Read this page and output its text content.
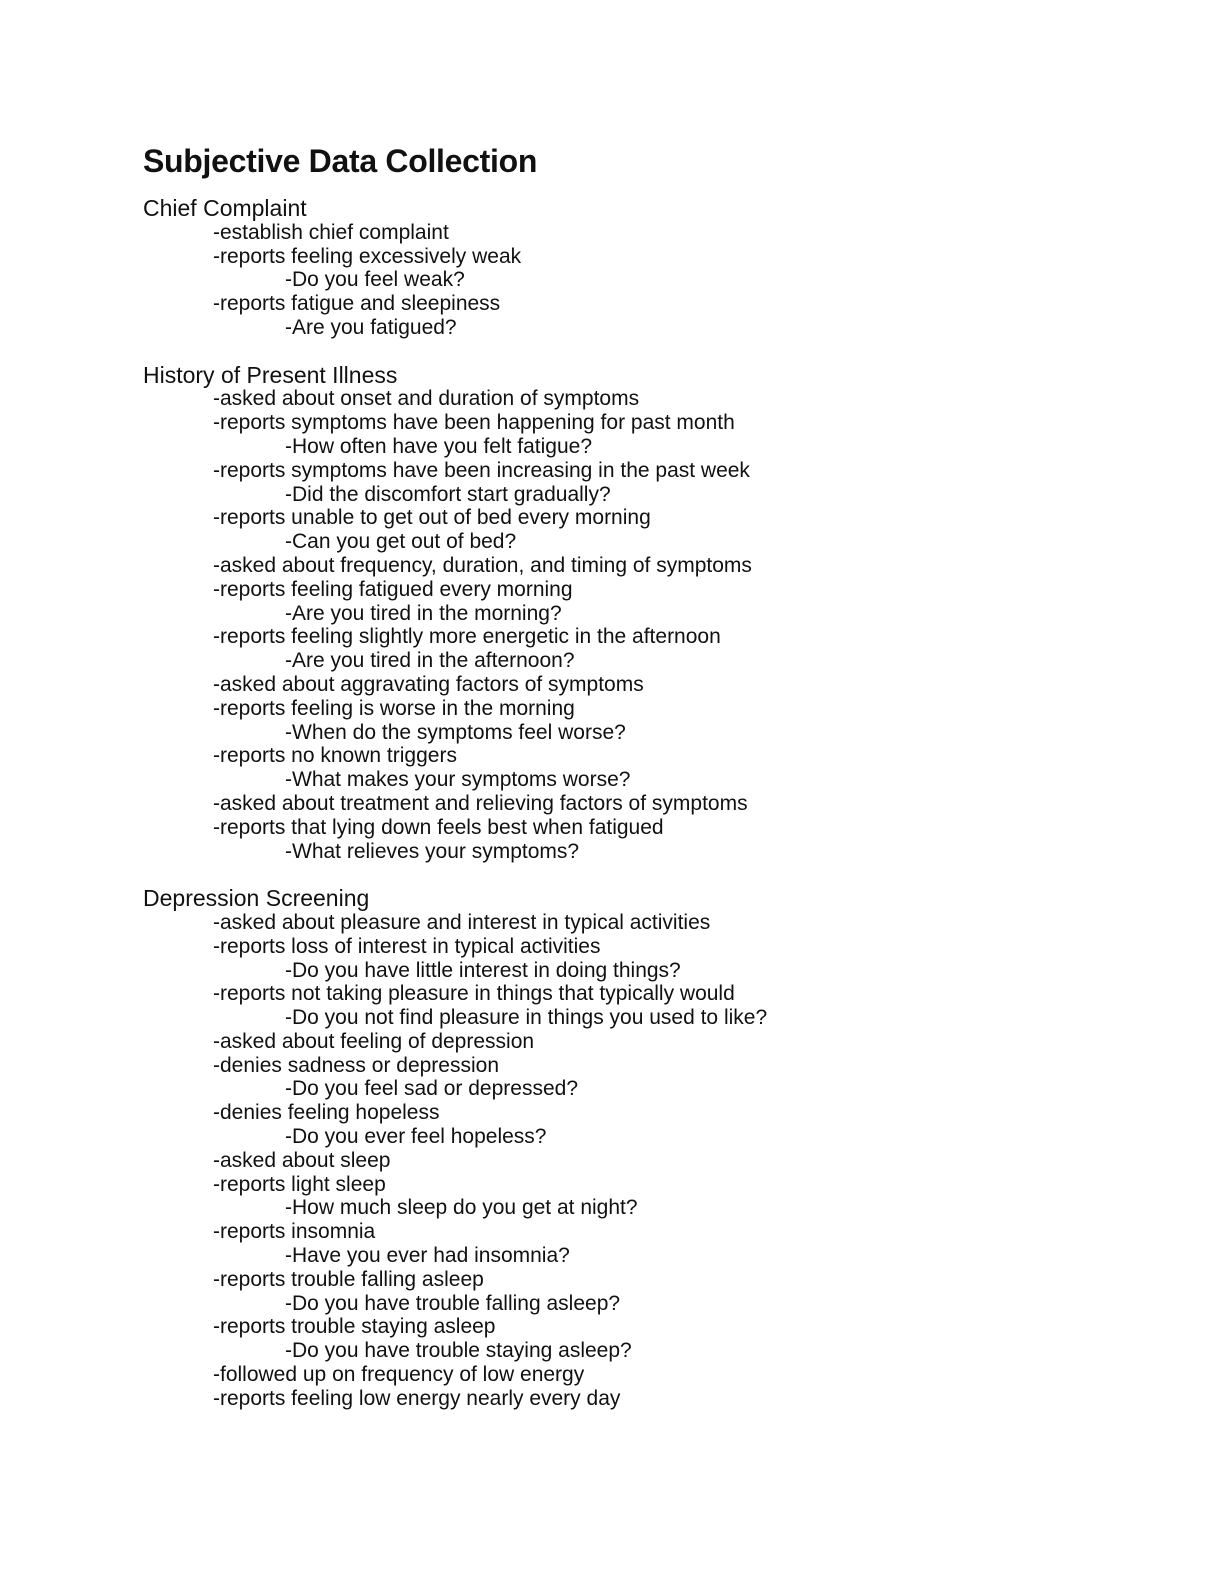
Subjective Data Collection
Chief Complaint
-establish chief complaint
-reports feeling excessively weak
-Do you feel weak?
-reports fatigue and sleepiness
-Are you fatigued?
History of Present Illness
-asked about onset and duration of symptoms
-reports symptoms have been happening for past month
-How often have you felt fatigue?
-reports symptoms have been increasing in the past week
-Did the discomfort start gradually?
-reports unable to get out of bed every morning
-Can you get out of bed?
-asked about frequency, duration, and timing of symptoms
-reports feeling fatigued every morning
-Are you tired in the morning?
-reports feeling slightly more energetic in the afternoon
-Are you tired in the afternoon?
-asked about aggravating factors of symptoms
-reports feeling is worse in the morning
-When do the symptoms feel worse?
-reports no known triggers
-What makes your symptoms worse?
-asked about treatment and relieving factors of symptoms
-reports that lying down feels best when fatigued
-What relieves your symptoms?
Depression Screening
-asked about pleasure and interest in typical activities
-reports loss of interest in typical activities
-Do you have little interest in doing things?
-reports not taking pleasure in things that typically would
-Do you not find pleasure in things you used to like?
-asked about feeling of depression
-denies sadness or depression
-Do you feel sad or depressed?
-denies feeling hopeless
-Do you ever feel hopeless?
-asked about sleep
-reports light sleep
-How much sleep do you get at night?
-reports insomnia
-Have you ever had insomnia?
-reports trouble falling asleep
-Do you have trouble falling asleep?
-reports trouble staying asleep
-Do you have trouble staying asleep?
-followed up on frequency of low energy
-reports feeling low energy nearly every day
